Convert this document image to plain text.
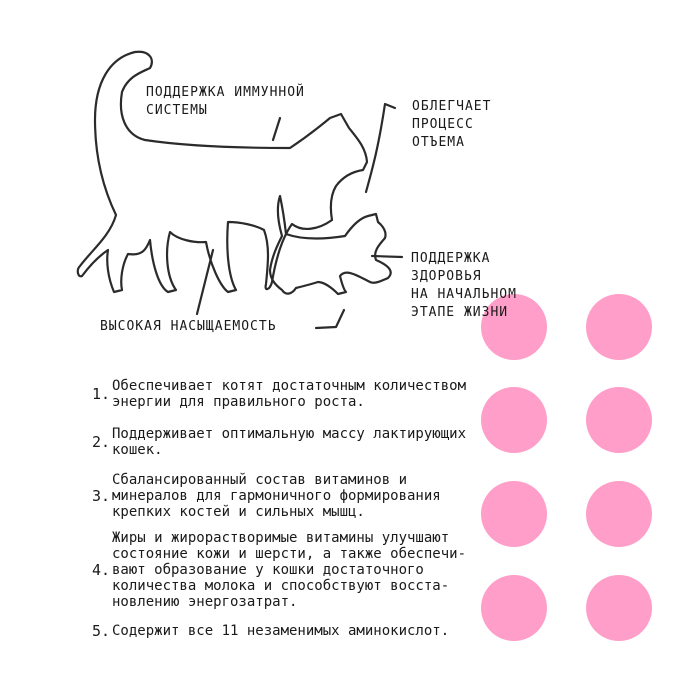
ПОДДЕРЖКА ИММУННОЙ
СИСТЕМЫ	ОБЛЕГЧАЕТ
ПРОЦЕСС
ОТЪЕМА
ПОДДЕРЖКА
ЗДОРОВЬЯ
НА НАЧАЛЬНОМ
ЭТАПЕ ЖИЗНИ
ВЫСОКАЯ НАСЫЩАЕМОСТЬ
1. Обеспечивает котят достаточным количеством
энергии для правильного роста.
2. Поддерживает оптимальную массу лактирующих
кошек.
3.
Сбалансированный состав витаминов и
минералов для гармоничного формирования
крепких костей и сильных мышц.
4.
Жиры и жирорастворимые витамины улучшают
состояние кожи и шерсти, а также обеспечи-
вают образование у кошки достаточного
количества молока и способствуют восста-
новлению энергозатрат.
5. Содержит все 11 незаменимых аминокислот.
